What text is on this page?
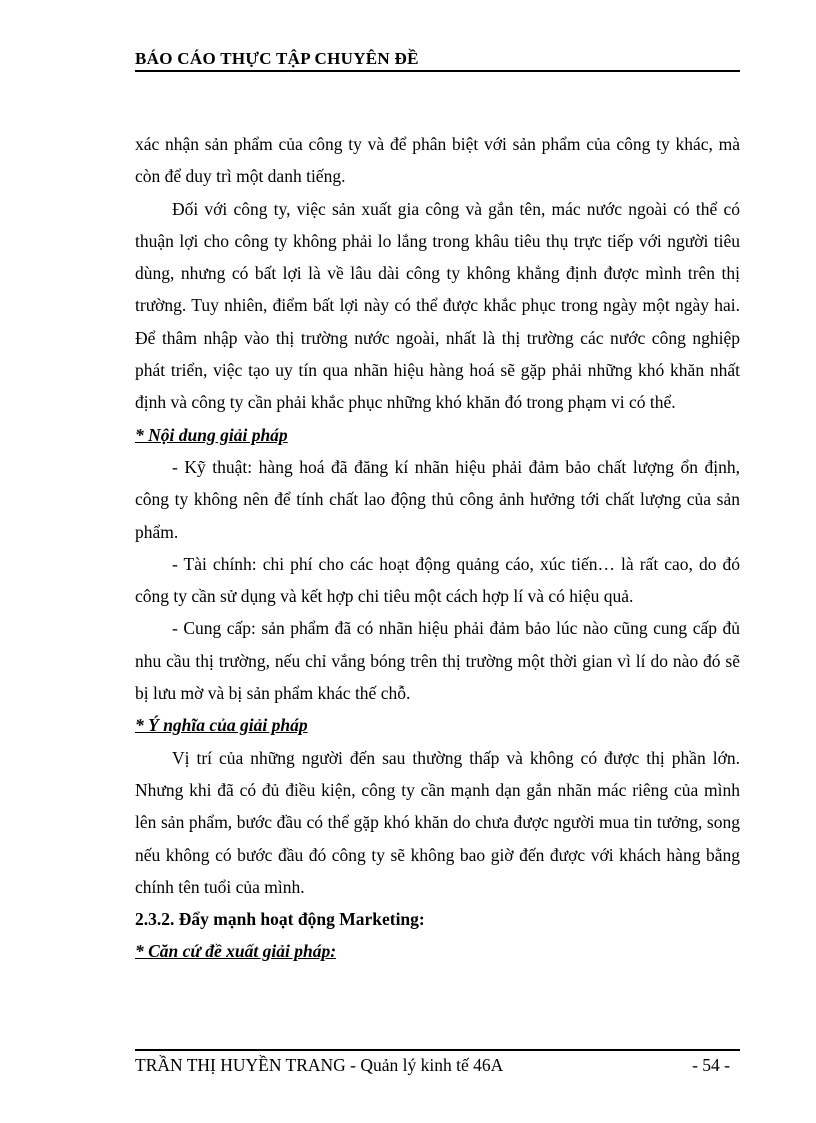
BÁO CÁO THỰC TẬP CHUYÊN ĐỀ

xác nhận sản phẩm của công ty và để phân biệt với sản phẩm của công ty khác, mà còn để duy trì một danh tiếng.

Đối với công ty, việc sản xuất gia công và gắn tên, mác nước ngoài có thể có thuận lợi cho công ty không phải lo lắng trong khâu tiêu thụ trực tiếp với người tiêu dùng, nhưng có bất lợi là về lâu dài công ty không khẳng định được mình trên thị trường. Tuy nhiên, điểm bất lợi này có thể được khắc phục trong ngày một ngày hai. Để thâm nhập vào thị trường nước ngoài, nhất là thị trường các nước công nghiệp phát triển, việc tạo uy tín qua nhãn hiệu hàng hoá sẽ gặp phải những khó khăn nhất định và công ty cần phải khắc phục những khó khăn đó trong phạm vi có thể.

* Nội dung giải pháp

- Kỹ thuật: hàng hoá đã đăng kí nhãn hiệu phải đảm bảo chất lượng ổn định, công ty không nên để tính chất lao động thủ công ảnh hưởng tới chất lượng của sản phẩm.

- Tài chính: chi phí cho các hoạt động quảng cáo, xúc tiến… là rất cao, do đó công ty cần sử dụng và kết hợp chi tiêu một cách hợp lí và có hiệu quả.

- Cung cấp: sản phẩm đã có nhãn hiệu phải đảm bảo lúc nào cũng cung cấp đủ nhu cầu thị trường, nếu chỉ vắng bóng trên thị trường một thời gian vì lí do nào đó sẽ bị lưu mờ và bị sản phẩm khác thế chỗ.

* Ý nghĩa của giải pháp

Vị trí của những người đến sau thường thấp và không có được thị phần lớn. Nhưng khi đã có đủ điều kiện, công ty cần mạnh dạn gắn nhãn mác riêng của mình lên sản phẩm, bước đầu có thể gặp khó khăn do chưa được người mua tin tưởng, song nếu không có bước đầu đó công ty sẽ không bao giờ đến được với khách hàng bằng chính tên tuổi của mình.

2.3.2. Đẩy mạnh hoạt động Marketing:

* Căn cứ đề xuất giải pháp:

TRẦN THỊ HUYỀN TRANG - Quản lý kinh tế 46A	- 54 -
